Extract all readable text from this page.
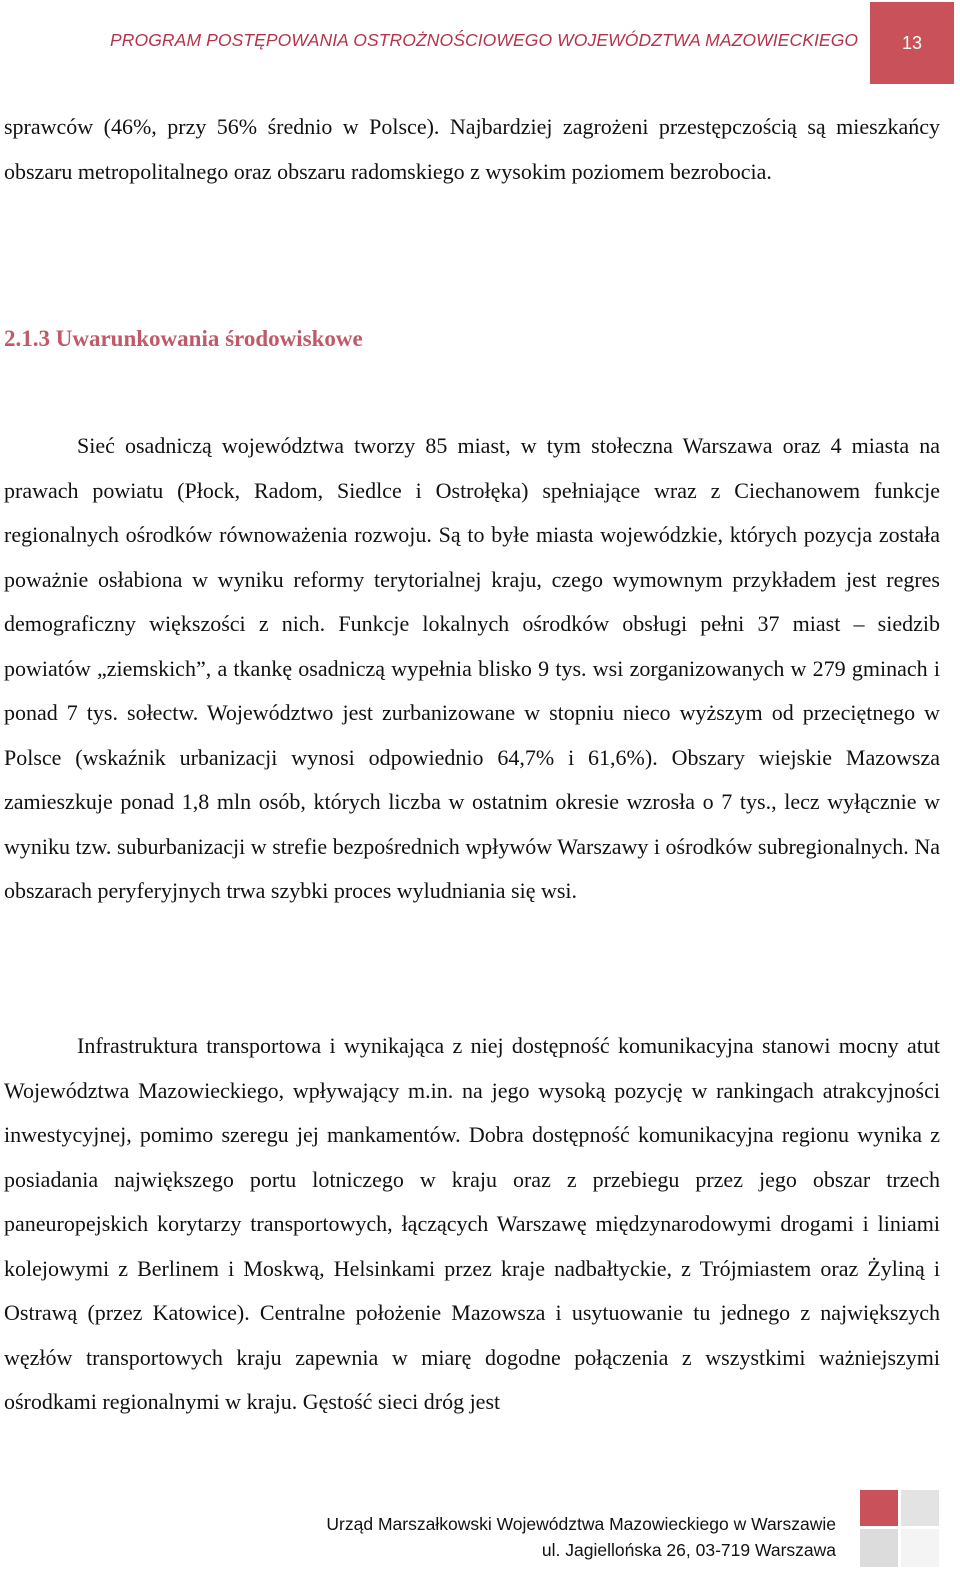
PROGRAM POSTĘPOWANIA OSTROŻNOŚCIOWEGO WOJEWÓDZTWA MAZOWIECKIEGO 13

sprawców (46%, przy 56% średnio w Polsce). Najbardziej zagrożeni przestępczością są mieszkańcy obszaru metropolitalnego oraz obszaru radomskiego z wysokim poziomem bezrobocia.

2.1.3 Uwarunkowania środowiskowe

Sieć osadniczą województwa tworzy 85 miast, w tym stołeczna Warszawa oraz 4 miasta na prawach powiatu (Płock, Radom, Siedlce i Ostrołęka) spełniające wraz z Ciechanowem funkcje regionalnych ośrodków równoważenia rozwoju. Są to byłe miasta wojewódzkie, których pozycja została poważnie osłabiona w wyniku reformy terytorialnej kraju, czego wymownym przykładem jest regres demograficzny większości z nich. Funkcje lokalnych ośrodków obsługi pełni 37 miast – siedzib powiatów „ziemskich”, a tkankę osadniczą wypełnia blisko 9 tys. wsi zorganizowanych w 279 gminach i ponad 7 tys. sołectw. Województwo jest zurbanizowane w stopniu nieco wyższym od przeciętnego w Polsce (wskaźnik urbanizacji wynosi odpowiednio 64,7% i 61,6%). Obszary wiejskie Mazowsza zamieszkuje ponad 1,8 mln osób, których liczba w ostatnim okresie wzrosła o 7 tys., lecz wyłącznie w wyniku tzw. suburbanizacji w strefie bezpośrednich wpływów Warszawy i ośrodków subregionalnych. Na obszarach peryferyjnych trwa szybki proces wyludniania się wsi.

Infrastruktura transportowa i wynikająca z niej dostępność komunikacyjna stanowi mocny atut Województwa Mazowieckiego, wpływający m.in. na jego wysoką pozycję w rankingach atrakcyjności inwestycyjnej, pomimo szeregu jej mankamentów. Dobra dostępność komunikacyjna regionu wynika z posiadania największego portu lotniczego w kraju oraz z przebiegu przez jego obszar trzech paneuropejskich korytarzy transportowych, łączących Warszawę międzynarodowymi drogami i liniami kolejowymi z Berlinem i Moskwą, Helsinkami przez kraje nadbałtyckie, z Trójmiastem oraz Żyliną i Ostrawą (przez Katowice). Centralne położenie Mazowsza i usytuowanie tu jednego z największych węzłów transportowych kraju zapewnia w miarę dogodne połączenia z wszystkimi ważniejszymi ośrodkami regionalnymi w kraju. Gęstość sieci dróg jest

Urząd Marszałkowski Województwa Mazowieckiego w Warszawie
ul. Jagiellońska 26, 03-719 Warszawa
